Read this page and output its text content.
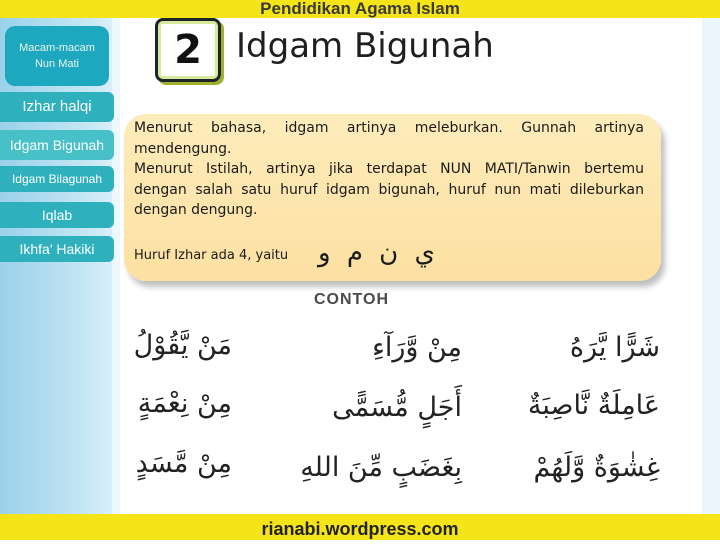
Pendidikan Agama Islam
Macam-macam
Nun Mati
Izhar halqi
Idgam Bigunah
Idgam Bilagunah
Iqlab
Ikhfa' Hakiki
2	Idgam Bigunah
Menurut bahasa, idgam artinya meleburkan. Gunnah artinya
mendengung.
Menurut Istilah, artinya jika terdapat NUN MATI/Tanwin bertemu
dengan salah satu huruf idgam bigunah, huruf nun mati dileburkan
dengan dengung.
Huruf Izhar ada 4, yaitu ي ن م و
CONTOH
شَرًّا يَّرَهُ
عَامِلَةٌ نَّاصِبَةٌ
غِشٰوَةٌ وَّلَهُمْ
مِنْ وَّرَآءِ
أَجَلٍ مُّسَمًّى
بِغَضَبٍ مِّنَ اللهِ
مَنْ يَّقُوْلُ
مِنْ نِعْمَةٍ
مِنْ مَّسَدٍ
rianabi.wordpress.com
